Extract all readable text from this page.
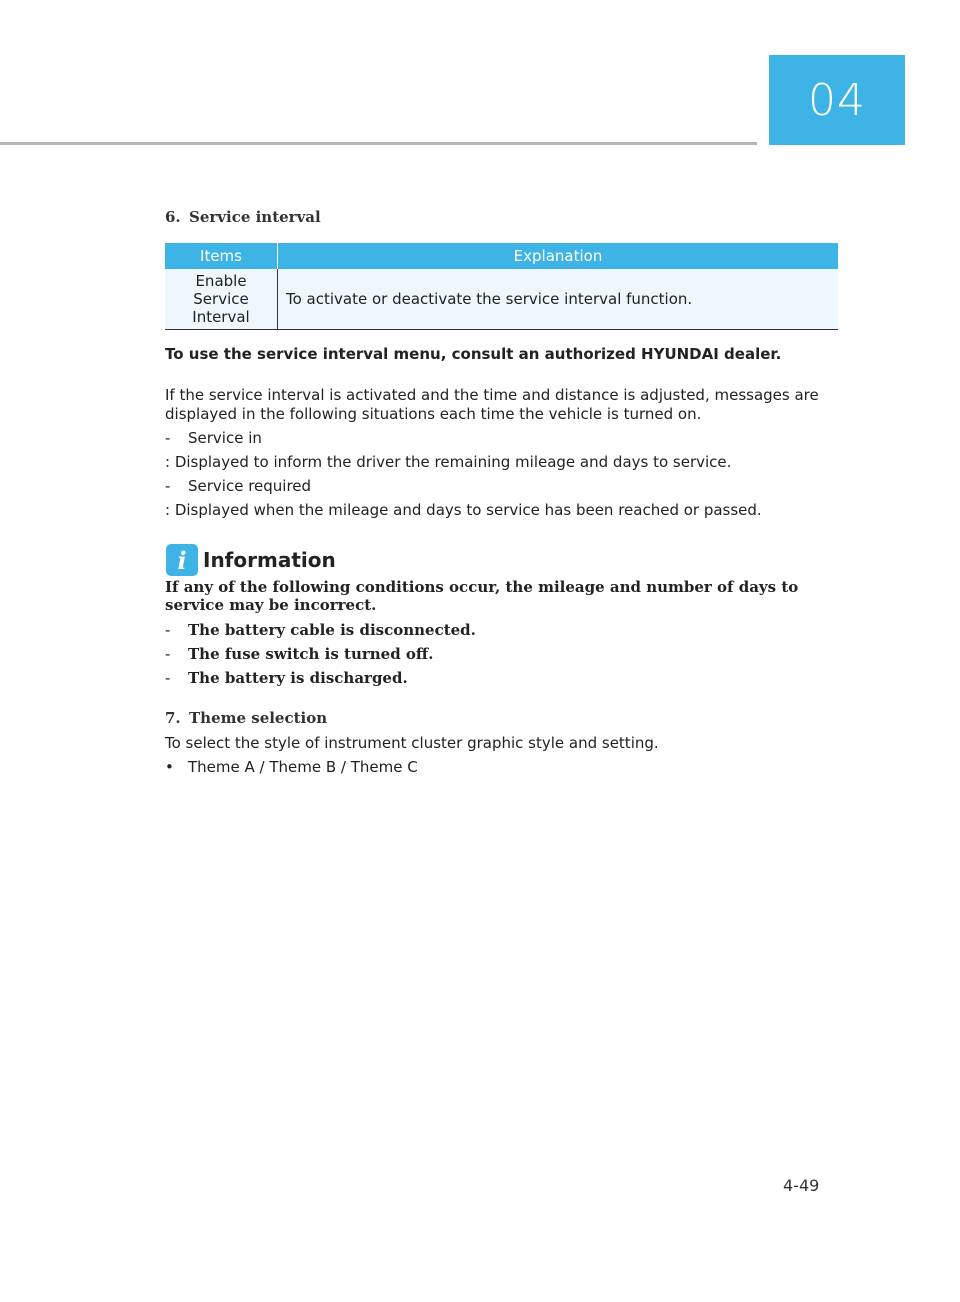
04
6. Service interval
Items	Explanation

Enable
Service
Interval	To activate or deactivate the service interval function.
To use the service interval menu, consult an authorized HYUNDAI dealer.
If the service interval is activated and the time and distance is adjusted, messages are displayed in the following situations each time the vehicle is turned on.
- Service in
: Displayed to inform the driver the remaining mileage and days to service.
- Service required
: Displayed when the mileage and days to service has been reached or passed.
i Information
If any of the following conditions occur, the mileage and number of days to service may be incorrect.
- The battery cable is disconnected.
- The fuse switch is turned off.
- The battery is discharged.
7. Theme selection
To select the style of instrument cluster graphic style and setting.
• Theme A / Theme B / Theme C
4-49
